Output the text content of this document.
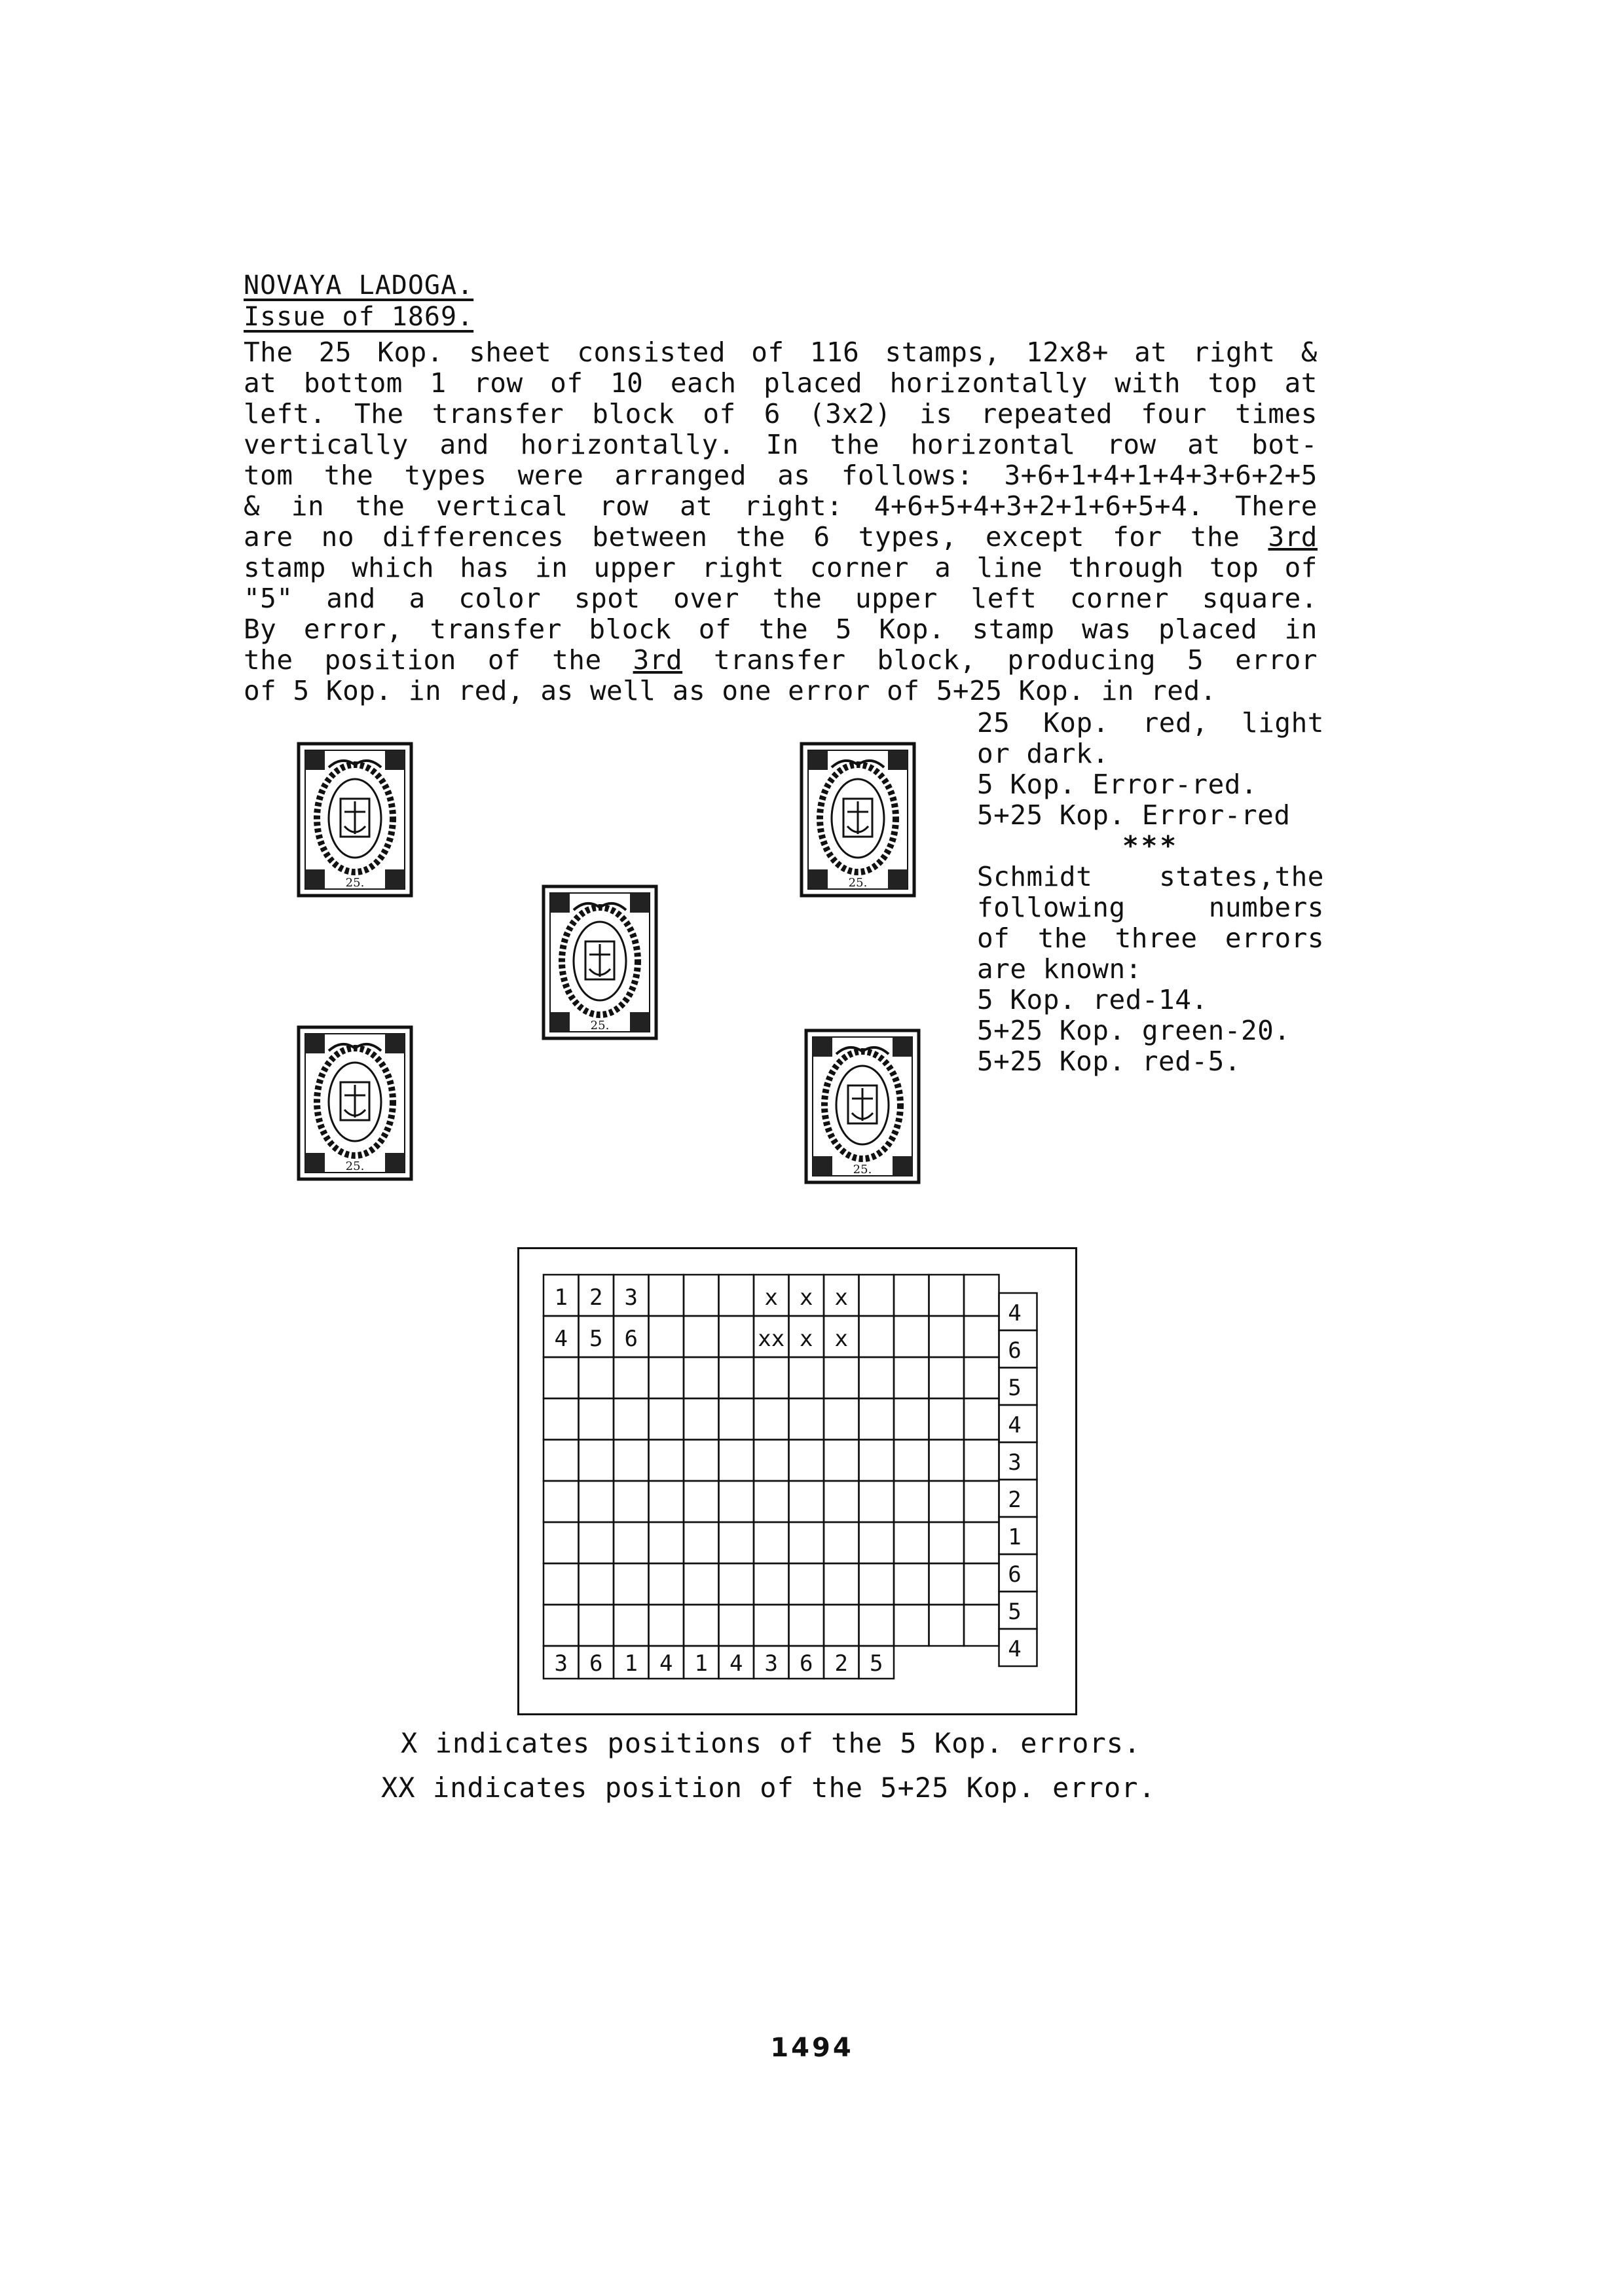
NOVAYA LADOGA.
Issue of 1869.
The 25 Kop. sheet consisted of 116 stamps, 12x8+ at right &
at bottom 1 row of 10 each placed horizontally with top at
left. The transfer block of 6 (3x2) is repeated four times
vertically and horizontally. In the horizontal row at bot-
tom the types were arranged as follows: 3+6+1+4+1+4+3+6+2+5
& in the vertical row at right: 4+6+5+4+3+2+1+6+5+4. There
are no differences between the 6 types, except for the 3rd
stamp which has in upper right corner a line through top of
"5" and a color spot over the upper left corner square.
By error, transfer block of the 5 Kop. stamp was placed in
the position of the 3rd transfer block, producing 5 error
of 5 Kop. in red, as well as one error of 5+25 Kop. in red.
25 Kop. red, light
or dark.
5 Kop. Error-red.
5+25 Kop. Error-red
***
Schmidt states,the
following numbers
of the three errors
are known:
5 Kop. red-14.
5+25 Kop. green-20.
5+25 Kop. red-5.
25.	25.
25.
25.	25.
3 6 1 4 1 4 3 6 2 5
4
6
5
4
3
2
1
6
5
4
1 2 3
4 5 6
x x x
xx x x
X indicates positions of the 5 Kop. errors.
XX indicates position of the 5+25 Kop. error.
1494
